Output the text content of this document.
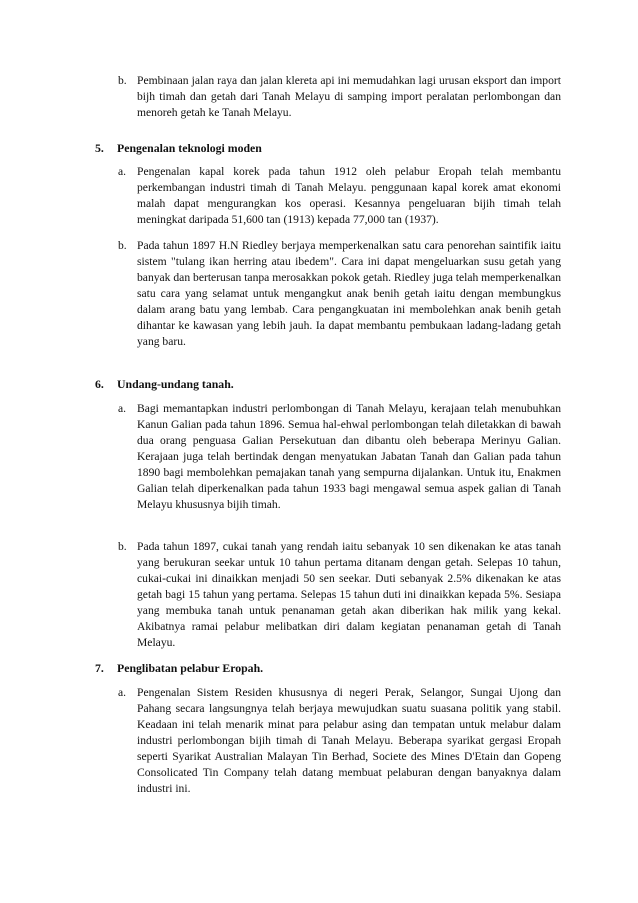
b. Pembinaan jalan raya dan jalan klereta api ini memudahkan lagi urusan eksport dan import bijh timah dan getah dari Tanah Melayu di samping import peralatan perlombongan dan menoreh getah ke Tanah Melayu.
5. Pengenalan teknologi moden
a. Pengenalan kapal korek pada tahun 1912 oleh pelabur Eropah telah membantu perkembangan industri timah di Tanah Melayu. penggunaan kapal korek amat ekonomi malah dapat mengurangkan kos operasi. Kesannya pengeluaran bijih timah telah meningkat daripada 51,600 tan (1913) kepada 77,000 tan (1937).
b. Pada tahun 1897 H.N Riedley berjaya memperkenalkan satu cara penorehan saintifik iaitu sistem "tulang ikan herring atau ibedem". Cara ini dapat mengeluarkan susu getah yang banyak dan berterusan tanpa merosakkan pokok getah. Riedley juga telah memperkenalkan satu cara yang selamat untuk mengangkut anak benih getah iaitu dengan membungkus dalam arang batu yang lembab. Cara pengangkuatan ini membolehkan anak benih getah dihantar ke kawasan yang lebih jauh. Ia dapat membantu pembukaan ladang-ladang getah yang baru.
6. Undang-undang tanah.
a. Bagi memantapkan industri perlombongan di Tanah Melayu, kerajaan telah menubuhkan Kanun Galian pada tahun 1896. Semua hal-ehwal perlombongan telah diletakkan di bawah dua orang penguasa Galian Persekutuan dan dibantu oleh beberapa Merinyu Galian. Kerajaan juga telah bertindak dengan menyatukan Jabatan Tanah dan Galian pada tahun 1890 bagi membolehkan pemajakan tanah yang sempurna dijalankan. Untuk itu, Enakmen Galian telah diperkenalkan pada tahun 1933 bagi mengawal semua aspek galian di Tanah Melayu khususnya bijih timah.
b. Pada tahun 1897, cukai tanah yang rendah iaitu sebanyak 10 sen dikenakan ke atas tanah yang berukuran seekar untuk 10 tahun pertama ditanam dengan getah. Selepas 10 tahun, cukai-cukai ini dinaikkan menjadi 50 sen seekar. Duti sebanyak 2.5% dikenakan ke atas getah bagi 15 tahun yang pertama. Selepas 15 tahun duti ini dinaikkan kepada 5%. Sesiapa yang membuka tanah untuk penanaman getah akan diberikan hak milik yang kekal. Akibatnya ramai pelabur melibatkan diri dalam kegiatan penanaman getah di Tanah Melayu.
7. Penglibatan pelabur Eropah.
a. Pengenalan Sistem Residen khususnya di negeri Perak, Selangor, Sungai Ujong dan Pahang secara langsungnya telah berjaya mewujudkan suatu suasana politik yang stabil. Keadaan ini telah menarik minat para pelabur asing dan tempatan untuk melabur dalam industri perlombongan bijih timah di Tanah Melayu. Beberapa syarikat gergasi Eropah seperti Syarikat Australian Malayan Tin Berhad, Societe des Mines D'Etain dan Gopeng Consolicated Tin Company telah datang membuat pelaburan dengan banyaknya dalam industri ini.
